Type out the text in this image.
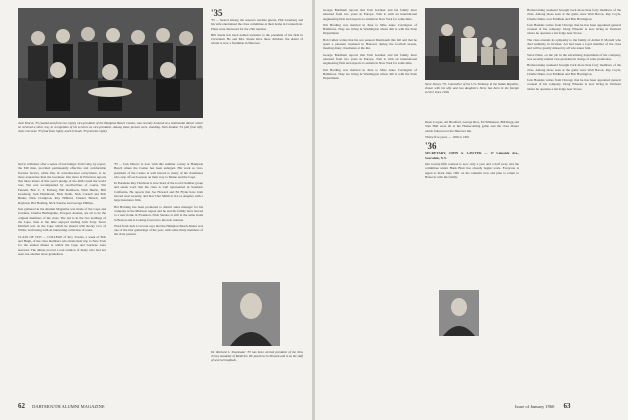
Jack Dincov '35 (seated and front row right), vice-president of the Hampton Beach Casino, was recently honored at a testimonial dinner where he received a silver tray in recognition of his services as vice-president. Among those present were, standing, Nick Sandoe '34 (4th from left), Jack Corcoran '35 (2nd from right), and Lil Linah '35 (extreme right).

had to withdraw after a series of bad bumps. Tom Cuby, by report, the Mil man, provided permanently effective and comfortable fracture factors, while Jim, in convalescence everywhere, is no more expressive than the Gardener. Our more in Princeton reports that three letters of this year's pledge of the 40th round the world tour, Nat was accompanied by recollections of course. Nat Fennell, Bob C. T. Feiberg, Bill Reinbeck, Whit Herrin, Phil Grauberg, Jack Hammond, Nick Stabb, Nick Cornell and Bob Butler, Dick Crampton, Ray Hilliard, Chester Barrett, Gill Rayburn, Hal Holding, Nick Sandoe and George Phillips.

Just gathered in the Alumni Magazine was made of the Cape and Gardens, Charles Burlingame, Prospect Avenue, are all to be the original members of the class. The Art is in the two Gatlings of the Cape, Stan at the time enjoyed leading both Tony. Steve Kimball was on the Cape which he shared with Rocky Cox of White, both being with an interesting collection of notes.

CLASS OF 1935 — COLLEGE of Roy Towles, a week of Bob and Hugh, of the class members who made their trip to New York for the annual dinner at which the Cape and Gardens were honored. The dinner proved a real reunion of many who had not seen one another since graduation.

'35 ... Jack Dincov is now with this summer colony at Hampton Beach where the Casino has been enlarged. His work as vice-president of the Casino is well known to many of his classmates who stop off each season on their way to Maine and the Cape.

In Pasadena Ray Thomson is now head of the local Chamber group and sends word that the class is well represented in Southern California. He reports that Joe Howard and Ed Flynn have both moved west recently, and that Chet Smith is in Los Angeles with a large insurance firm.

Hal Holding has been promoted to district sales manager for his company in the Midwest region and he and his family have moved to a new home in Evanston. Nick Sandoe is still at the same stand in Boston and is looking forward to the next reunion.

Word from Jack Corcoran says that the Hampton Beach dinner was one of the best gatherings of the year, with some thirty members of the class present.

'35

'35 ... Seated among the season's notable guests, Phil Grauberg and his wife entertained the class committee at their home in Connecticut. Plans were discussed for the 25th reunion.

Bill Steele has been named assistant to the president of his firm in Cleveland. He and Mrs. Steele have three children, the eldest of whom is now a freshman in Hanover.

Dr. Richard L. Shoemaker '35 has been elected president of the New Jersey Academy of Medicine. He practices in Newark and is on the staff of several hospitals.
62 DARTMOUTH ALUMNI MAGAZINE

George Burnham reports that Tom Gardner and his family have returned from two years in Europe. Tom is with an international engineering firm and expects to remain in New York for some time.

Jim Harding was married in June to Miss Anne Carrington of Baltimore. They are living in Washington where Jim is with the State Department.

Bob Cullen writes that his son entered Dartmouth this fall and that he spent a pleasant weekend in Hanover during the football season, meeting many classmates at the Inn.

George Burnham reports that Tom Gardner and his family have returned from two years in Europe. Tom is with an international engineering firm and expects to remain in New York for some time.

Jim Harding was married in June to Miss Anne Carrington of Baltimore. They are living in Washington where Jim is with the State Department.

Steve Dewey '35, Counsellor of the U.S. Embassy in the Sudan Republic, shown with his wife and two daughters. Steve has been in the foreign service since 1946.

Dean Cooper, Art Bradford, George Rice, Ed Wilkinson, Bill Rugg and Stan Hull were all at the Homecoming game and the class dinner which followed at the Hanover Inn.

Thirty-five years — 1926 to 1961

'36
SECRETARY, JOHN A. LAWYER — 17 Lakeside Ave., Scarsdale, N.Y.

Our twenty-fifth reunion is now only a year and a half away and the committee under Hank Blair has already begun work. Everyone is urged to mark June 1961 on his calendar now and plan to return to Hanover with his family.

Homecoming weekend brought back more than forty members of the class. Among those seen at the game were Walt Bacon, Ray Coyle, Charlie Dunn, Lou Feldman and Bob Harrington.

Jack Haskins writes from Chicago that he has been appointed general counsel of his company. Doug Wheeler is now living in Vermont where he operates a ski lodge near Stowe.

The class extends its sympathy to the family of Arthur P. Morrell who died suddenly in October. Art had been a loyal member of the class and will be greatly missed by all who knew him.

Steve Dietz, on the job in the advertising department of his company, was recently named vice-president in charge of sales promotion.

Homecoming weekend brought back more than forty members of the class. Among those seen at the game were Walt Bacon, Ray Coyle, Charlie Dunn, Lou Feldman and Bob Harrington.

Jack Haskins writes from Chicago that he has been appointed general counsel of his company. Doug Wheeler is now living in Vermont where he operates a ski lodge near Stowe.

Issue of January 1960 63
